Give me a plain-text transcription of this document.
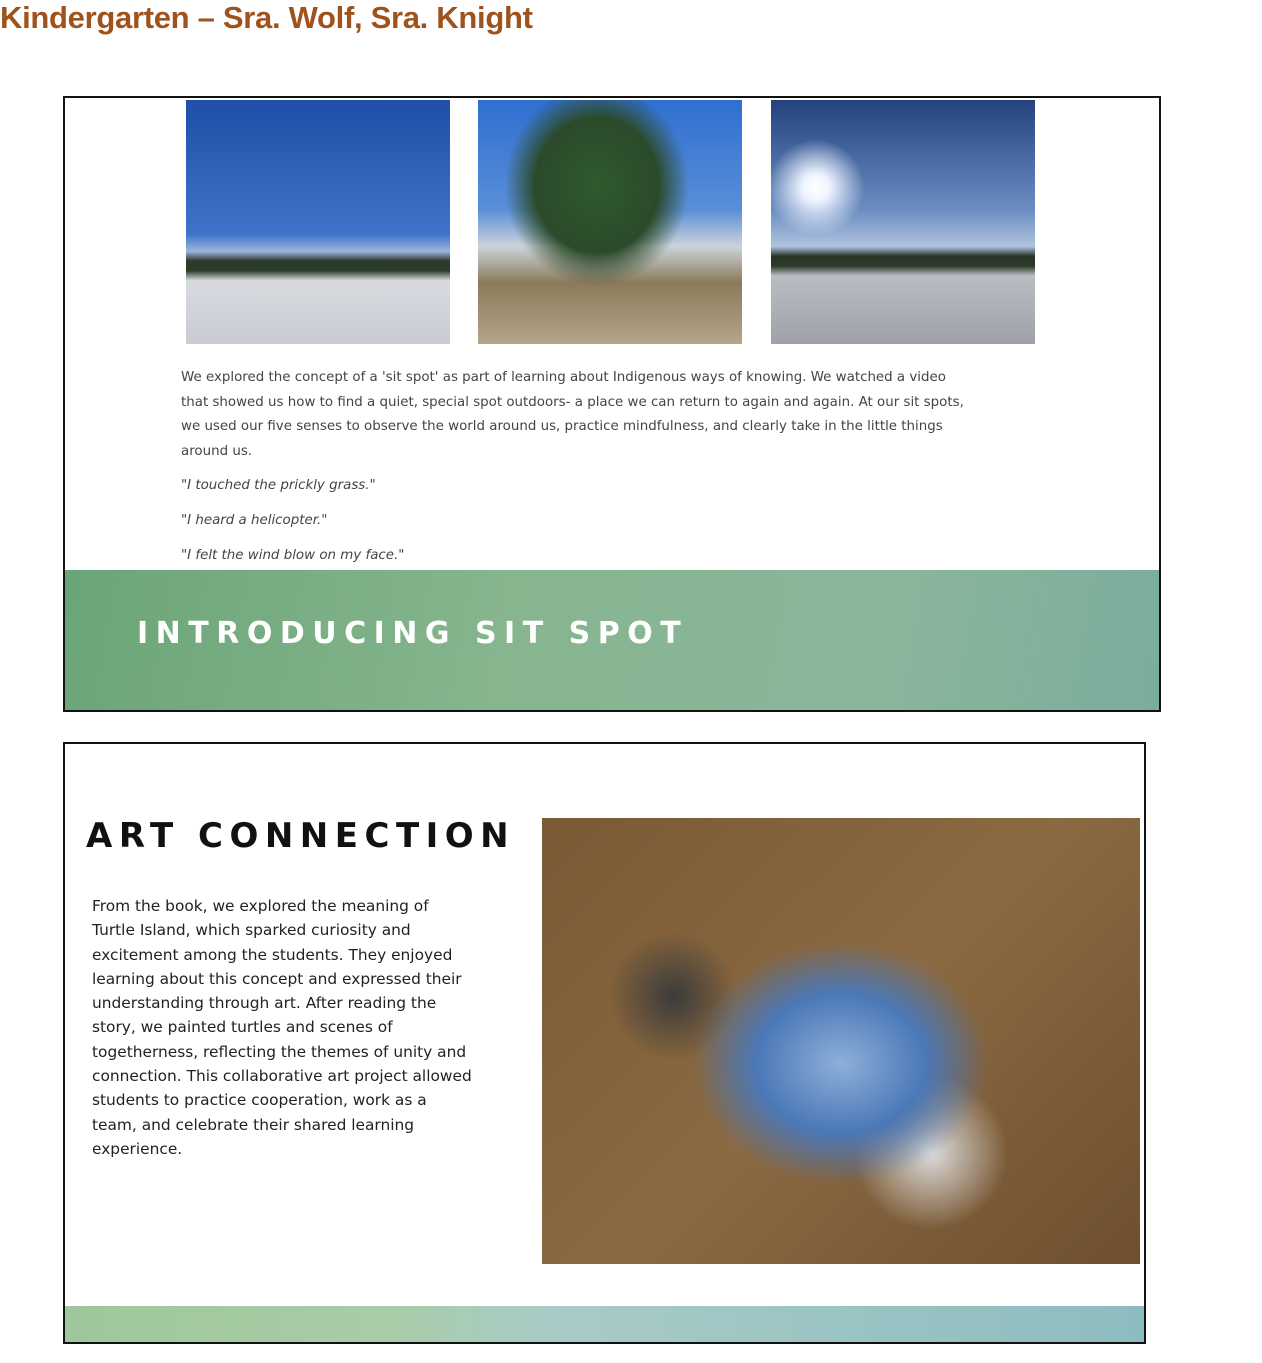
Kindergarten – Sra. Wolf, Sra. Knight
We explored the concept of a 'sit spot' as part of learning about Indigenous ways of knowing. We watched a video
that showed us how to find a quiet, special spot outdoors- a place we can return to again and again. At our sit spots,
we used our five senses to observe the world around us, practice mindfulness, and clearly take in the little things
around us.
"I touched the prickly grass."
"I heard a helicopter."
"I felt the wind blow on my face."
INTRODUCING SIT SPOT
ART CONNECTION
From the book, we explored the meaning of
Turtle Island, which sparked curiosity and
excitement among the students. They enjoyed
learning about this concept and expressed their
understanding through art. After reading the
story, we painted turtles and scenes of
togetherness, reflecting the themes of unity and
connection. This collaborative art project allowed
students to practice cooperation, work as a
team, and celebrate their shared learning
experience.
